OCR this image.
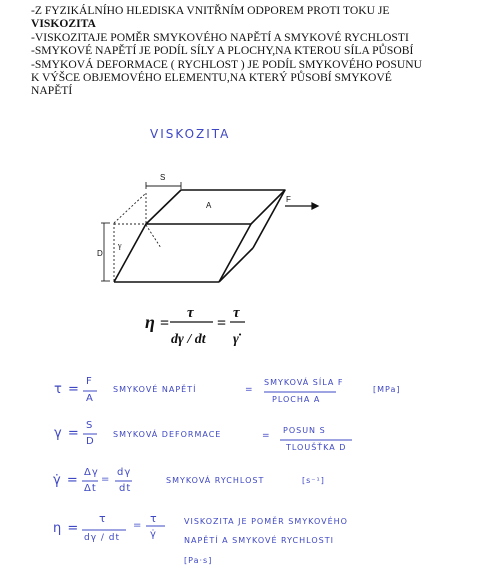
-Z FYZIKÁLNÍHO HLEDISKA VNITŘNÍM ODPOREM PROTI TOKU JE
VISKOZITA
-VISKOZITAJE POMĚR SMYKOVÉHO NAPĚTÍ A SMYKOVÉ RYCHLOSTI
-SMYKOVÉ NAPĚTÍ JE PODÍL SÍLY A PLOCHY,NA KTEROU SÍLA PŮSOBÍ
-SMYKOVÁ DEFORMACE ( RYCHLOST ) JE PODÍL SMYKOVÉHO POSUNU
K VÝŠCE OBJEMOVÉHO ELEMENTU,NA KTERÝ PŮSOBÍ SMYKOVÉ
NAPĚTÍ
VISKOZITA
S
A
F
D
γ
η =
τ
dγ / dt
=
τ
γ̇
τ =
F
A
SMYKOVÉ NAPĚTÍ	=
SMYKOVÁ SÍLA F
PLOCHA A
[MPa]
γ =
S
D
SMYKOVÁ DEFORMACE	=
POSUN S
TLOUŠŤKA D
γ̇ =
Δγ
Δt
=
dγ
dt
SMYKOVÁ RYCHLOST	[s⁻¹]
η =
τ
dγ / dt
=
τ
γ̇
VISKOZITA JE POMĚR SMYKOVÉHO
NAPĚTÍ A SMYKOVÉ RYCHLOSTI
[Pa·s]
